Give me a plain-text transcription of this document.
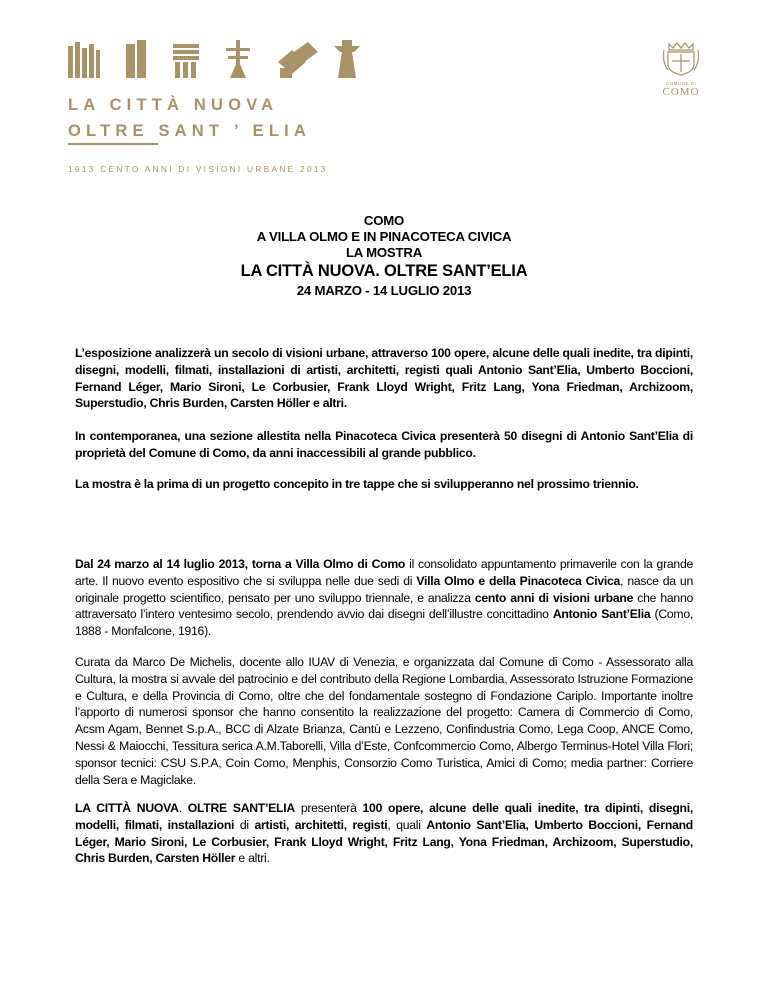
LA CITTÀ NUOVA
OLTRE SANT ’ ELIA
1913 CENTO ANNI DI VISIONI URBANE 2013
COMUNE DI
COMO

COMO

A VILLA OLMO E IN PINACOTECA CIVICA

LA MOSTRA

LA CITTÀ NUOVA. OLTRE SANT’ELIA

24 MARZO - 14 LUGLIO 2013

L’esposizione analizzerà un secolo di visioni urbane, attraverso 100 opere, alcune delle quali inedite, tra dipinti, disegni, modelli, filmati, installazioni di artisti, architetti, registi quali Antonio Sant’Elia, Umberto Boccioni, Fernand Léger, Mario Sironi, Le Corbusier, Frank Lloyd Wright, Fritz Lang, Yona Friedman, Archizoom, Superstudio, Chris Burden, Carsten Höller e altri.

In contemporanea, una sezione allestita nella Pinacoteca Civica presenterà 50 disegni di Antonio Sant’Elia di proprietà del Comune di Como, da anni inaccessibili al grande pubblico.

La mostra è la prima di un progetto concepito in tre tappe che si svilupperanno nel prossimo triennio.

Dal 24 marzo al 14 luglio 2013, torna a Villa Olmo di Como il consolidato appuntamento primaverile con la grande arte. Il nuovo evento espositivo che si sviluppa nelle due sedi di Villa Olmo e della Pinacoteca Civica, nasce da un originale progetto scientifico, pensato per uno sviluppo triennale, e analizza cento anni di visioni urbane che hanno attraversato l’intero ventesimo secolo, prendendo avvio dai disegni dell’illustre concittadino Antonio Sant’Elia (Como, 1888 - Monfalcone, 1916).

Curata da Marco De Michelis, docente allo IUAV di Venezia, e organizzata dal Comune di Como - Assessorato alla Cultura, la mostra si avvale del patrocinio e del contributo della Regione Lombardia, Assessorato Istruzione Formazione e Cultura, e della Provincia di Como, oltre che del fondamentale sostegno di Fondazione Cariplo. Importante inoltre l’apporto di numerosi sponsor che hanno consentito la realizzazione del progetto: Camera di Commercio di Como, Acsm Agam, Bennet S.p.A., BCC di Alzate Brianza, Cantù e Lezzeno, Confindustria Como, Lega Coop, ANCE Como, Nessi & Maiocchi, Tessitura serica A.M.Taborelli, Villa d’Este, Confcommercio Como, Albergo Terminus-Hotel Villa Flori; sponsor tecnici: CSU S.P.A, Coin Como, Menphis, Consorzio Como Turistica, Amici di Como; media partner: Corriere della Sera e Magiclake.

LA CITTÀ NUOVA. OLTRE SANT’ELIA presenterà 100 opere, alcune delle quali inedite, tra dipinti, disegni, modelli, filmati, installazioni di artisti, architetti, registi, quali Antonio Sant’Elia, Umberto Boccioni, Fernand Léger, Mario Sironi, Le Corbusier, Frank Lloyd Wright, Fritz Lang, Yona Friedman, Archizoom, Superstudio, Chris Burden, Carsten Höller e altri.
